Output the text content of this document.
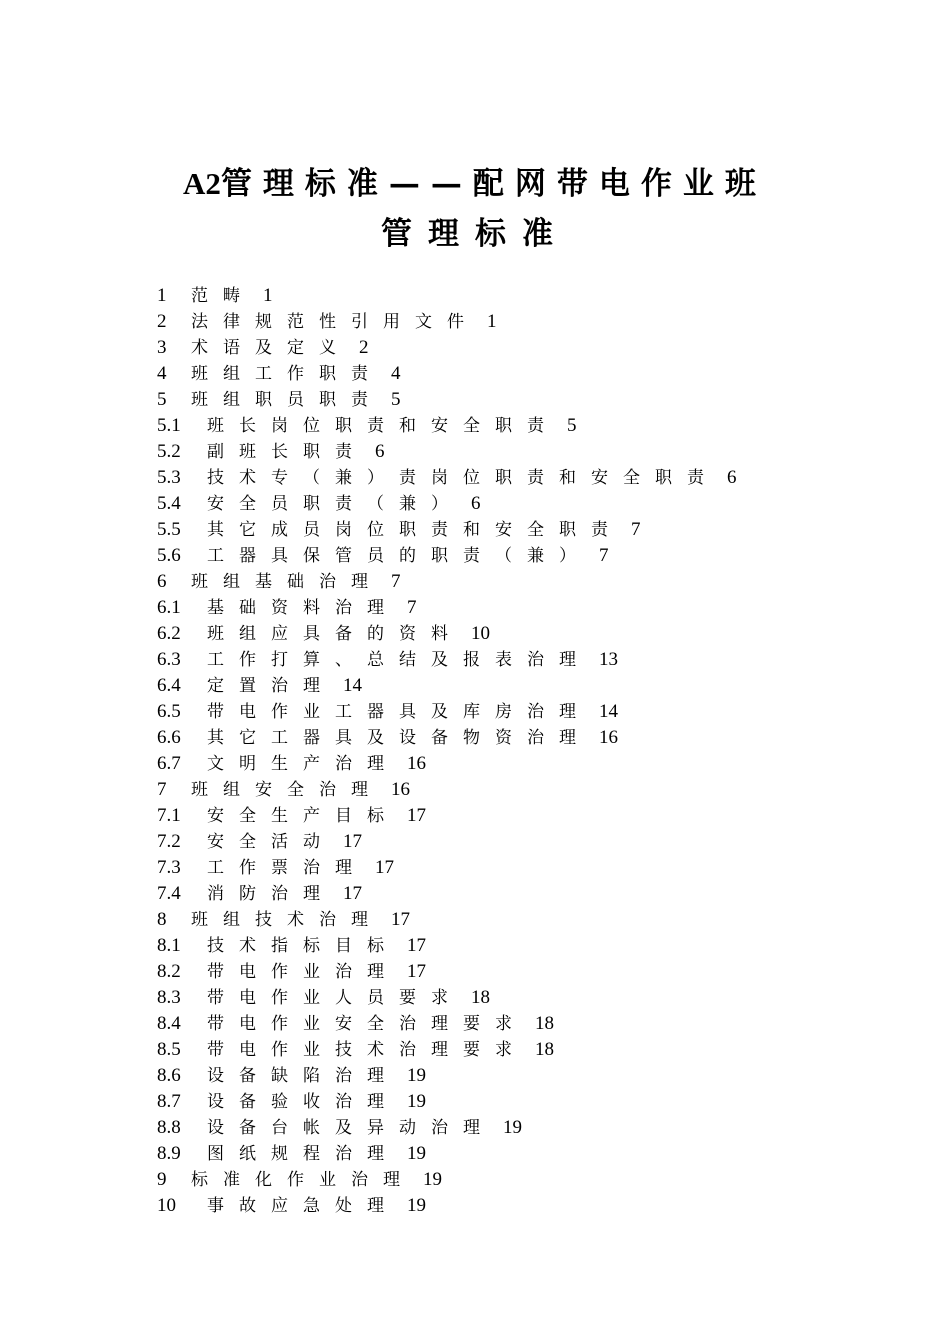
A2管理标准——配网带电作业班
管理标准
1 范畴 1
2 法律规范性引用文件 1
3 术语及定义 2
4 班组工作职责 4
5 班组职员职责 5
5.1 班长岗位职责和安全职责 5
5.2 副班长职责 6
5.3 技术专（兼）责岗位职责和安全职责 6
5.4 安全员职责（兼） 6
5.5 其它成员岗位职责和安全职责 7
5.6 工器具保管员的职责（兼） 7
6 班组基础治理 7
6.1 基础资料治理 7
6.2 班组应具备的资料 10
6.3 工作打算、总结及报表治理 13
6.4 定置治理 14
6.5 带电作业工器具及库房治理 14
6.6 其它工器具及设备物资治理 16
6.7 文明生产治理 16
7 班组安全治理 16
7.1 安全生产目标 17
7.2 安全活动 17
7.3 工作票治理 17
7.4 消防治理 17
8 班组技术治理 17
8.1 技术指标目标 17
8.2 带电作业治理 17
8.3 带电作业人员要求 18
8.4 带电作业安全治理要求 18
8.5 带电作业技术治理要求 18
8.6 设备缺陷治理 19
8.7 设备验收治理 19
8.8 设备台帐及异动治理 19
8.9 图纸规程治理 19
9 标准化作业治理 19
10 事故应急处理 19
